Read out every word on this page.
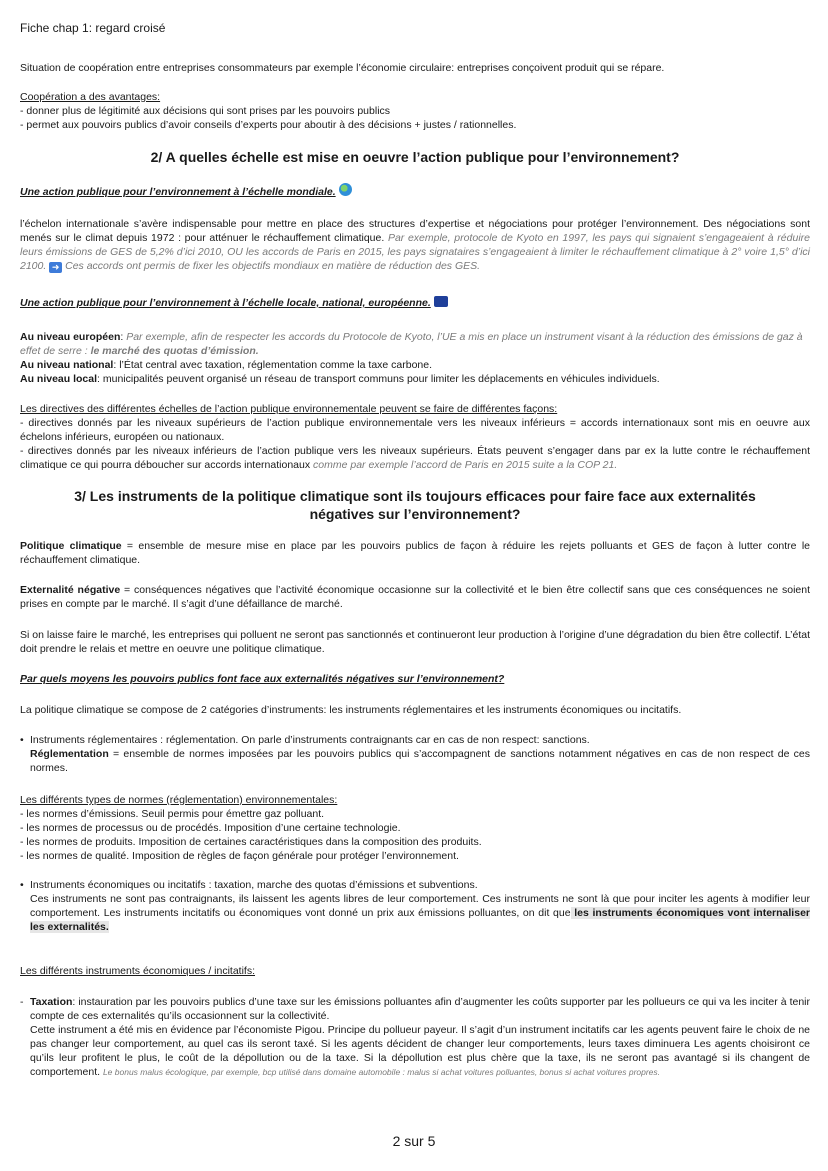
Fiche chap 1: regard croisé
Situation de coopération entre entreprises consommateurs par exemple l’économie circulaire: entreprises conçoivent produit qui se répare.
Coopération a des avantages:
- donner plus de légitimité aux décisions qui sont prises par les pouvoirs publics
- permet aux pouvoirs publics d’avoir conseils d’experts pour aboutir à des décisions + justes / rationnelles.
2/ A quelles échelle est mise en oeuvre l’action publique pour l’environnement?
Une action publique pour l’environnement à l’échelle mondiale.
l’échelon internationale s’avère indispensable pour mettre en place des structures d’expertise et négociations pour protéger l’environnement. Des négociations sont menés sur le climat depuis 1972 : pour atténuer le réchauffement climatique. Par exemple, protocole de Kyoto en 1997, les pays qui signaient s’engageaient à réduire leurs émissions de GES de 5,2% d’ici 2010, OU les accords de Paris en 2015, les pays signataires s’engageaient à limiter le réchauffement climatique à 2° voire 1,5° d’ici 2100. ➜ Ces accords ont permis de fixer les objectifs mondiaux en matière de réduction des GES.
Une action publique pour l’environnement à l’échelle locale, national, européenne.
Au niveau européen: Par exemple, afin de respecter les accords du Protocole de Kyoto, l’UE a mis en place un instrument visant à la réduction des émissions de gaz à effet de serre : le marché des quotas d’émission.
Au niveau national: l’État central avec taxation, réglementation comme la taxe carbone.
Au niveau local: municipalités peuvent organisé un réseau de transport communs pour limiter les déplacements en véhicules individuels.
Les directives des différentes échelles de l’action publique environnementale peuvent se faire de différentes façons:
- directives donnés par les niveaux supérieurs de l’action publique environnementale vers les niveaux inférieurs = accords internationaux sont mis en oeuvre aux échelons inférieurs, européen ou nationaux.
- directives donnés par les niveaux inférieurs de l’action publique vers les niveaux supérieurs. États peuvent s’engager dans par ex la lutte contre le réchauffement climatique ce qui pourra déboucher sur accords internationaux comme par exemple l’accord de Paris en 2015 suite a la COP 21.
3/ Les instruments de la politique climatique sont ils toujours efficaces pour faire face aux externalités négatives sur l’environnement?
Politique climatique = ensemble de mesure mise en place par les pouvoirs publics de façon à réduire les rejets polluants et GES de façon à lutter contre le réchauffement climatique.
Externalité négative = conséquences négatives que l’activité économique occasionne sur la collectivité et le bien être collectif sans que ces conséquences ne soient prises en compte par le marché. Il s’agit d’une défaillance de marché.
Si on laisse faire le marché, les entreprises qui polluent ne seront pas sanctionnés et continueront leur production à l’origine d’une dégradation du bien être collectif. L’état doit prendre le relais et mettre en oeuvre une politique climatique.
Par quels moyens les pouvoirs publics font face aux externalités négatives sur l’environnement?
La politique climatique se compose de 2 catégories d’instruments: les instruments réglementaires et les instruments économiques ou incitatifs.
• Instruments réglementaires : réglementation. On parle d’instruments contraignants car en cas de non respect: sanctions.
Réglementation = ensemble de normes imposées par les pouvoirs publics qui s’accompagnent de sanctions notamment négatives en cas de non respect de ces normes.
Les différents types de normes (réglementation) environnementales:
- les normes d’émissions. Seuil permis pour émettre gaz polluant.
- les normes de processus ou de procédés. Imposition d’une certaine technologie.
- les normes de produits. Imposition de certaines caractéristiques dans la composition des produits.
- les normes de qualité. Imposition de règles de façon générale pour protéger l’environnement.
• Instruments économiques ou incitatifs : taxation, marche des quotas d’émissions et subventions.
Ces instruments ne sont pas contraignants, ils laissent les agents libres de leur comportement. Ces instruments ne sont là que pour inciter les agents à modifier leur comportement. Les instruments incitatifs ou économiques vont donné un prix aux émissions polluantes, on dit que les instruments économiques vont internaliser les externalités.
Les différents instruments économiques / incitatifs:
- Taxation: instauration par les pouvoirs publics d’une taxe sur les émissions polluantes afin d’augmenter les coûts supporter par les pollueurs ce qui va les inciter à tenir compte de ces externalités qu’ils occasionnent sur la collectivité.
Cette instrument a été mis en évidence par l’économiste Pigou. Principe du pollueur payeur. Il s’agit d’un instrument incitatifs car les agents peuvent faire le choix de ne pas changer leur comportement, au quel cas ils seront taxé. Si les agents décident de changer leur comportements, leurs taxes diminuera Les agents choisiront ce qu’ils leur profitent le plus, le coût de la dépollution ou de la taxe. Si la dépollution est plus chère que la taxe, ils ne seront pas avantagé si ils changent de comportement. Le bonus malus écologique, par exemple, bcp utilisé dans domaine automobile : malus si achat voitures polluantes, bonus si achat voitures propres.
2 sur 5
